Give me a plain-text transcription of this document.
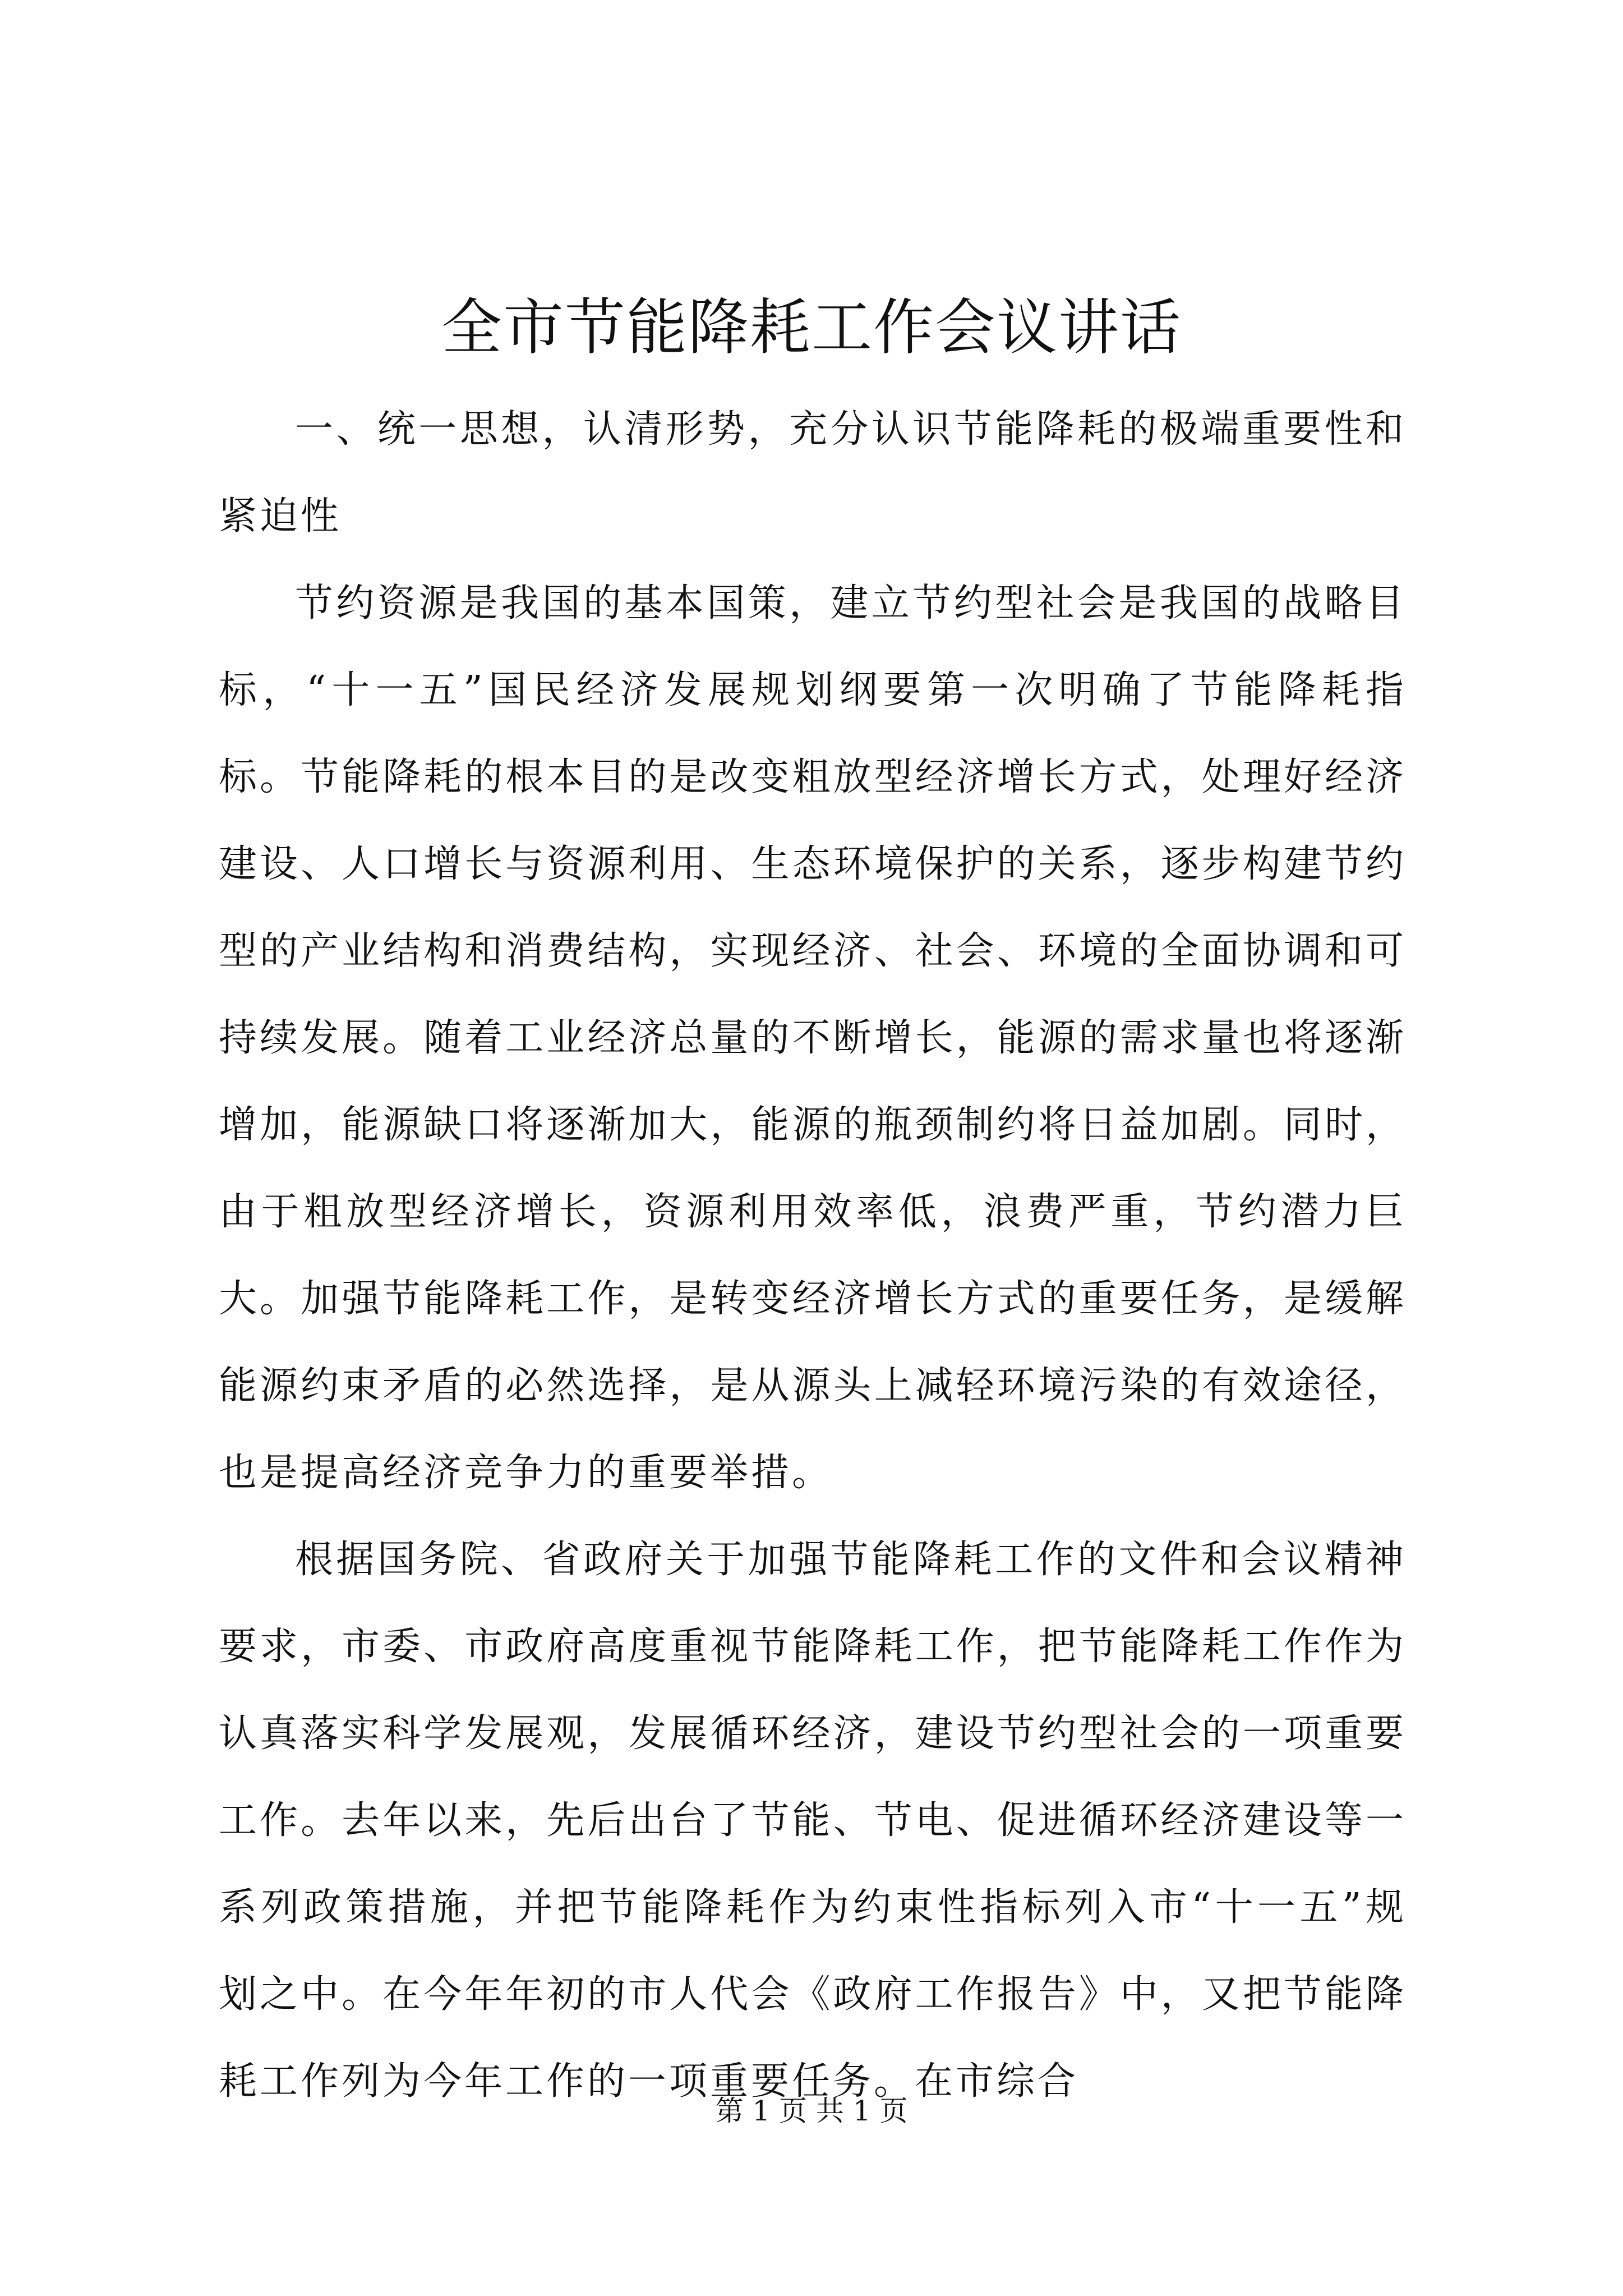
全市节能降耗工作会议讲话

一、统一思想，认清形势，充分认识节能降耗的极端重要性和紧迫性

节约资源是我国的基本国策，建立节约型社会是我国的战略目标，“十一五”国民经济发展规划纲要第一次明确了节能降耗指标。节能降耗的根本目的是改变粗放型经济增长方式，处理好经济建设、人口增长与资源利用、生态环境保护的关系，逐步构建节约型的产业结构和消费结构，实现经济、社会、环境的全面协调和可持续发展。随着工业经济总量的不断增长，能源的需求量也将逐渐增加，能源缺口将逐渐加大，能源的瓶颈制约将日益加剧。同时，由于粗放型经济增长，资源利用效率低，浪费严重，节约潜力巨大。加强节能降耗工作，是转变经济增长方式的重要任务，是缓解能源约束矛盾的必然选择，是从源头上减轻环境污染的有效途径，也是提高经济竞争力的重要举措。

根据国务院、省政府关于加强节能降耗工作的文件和会议精神要求，市委、市政府高度重视节能降耗工作，把节能降耗工作作为认真落实科学发展观，发展循环经济，建设节约型社会的一项重要工作。去年以来，先后出台了节能、节电、促进循环经济建设等一系列政策措施，并把节能降耗作为约束性指标列入市“十一五”规划之中。在今年年初的市人代会《政府工作报告》中，又把节能降耗工作列为今年工作的一项重要任务。在市综合

第 1 页 共 1 页
